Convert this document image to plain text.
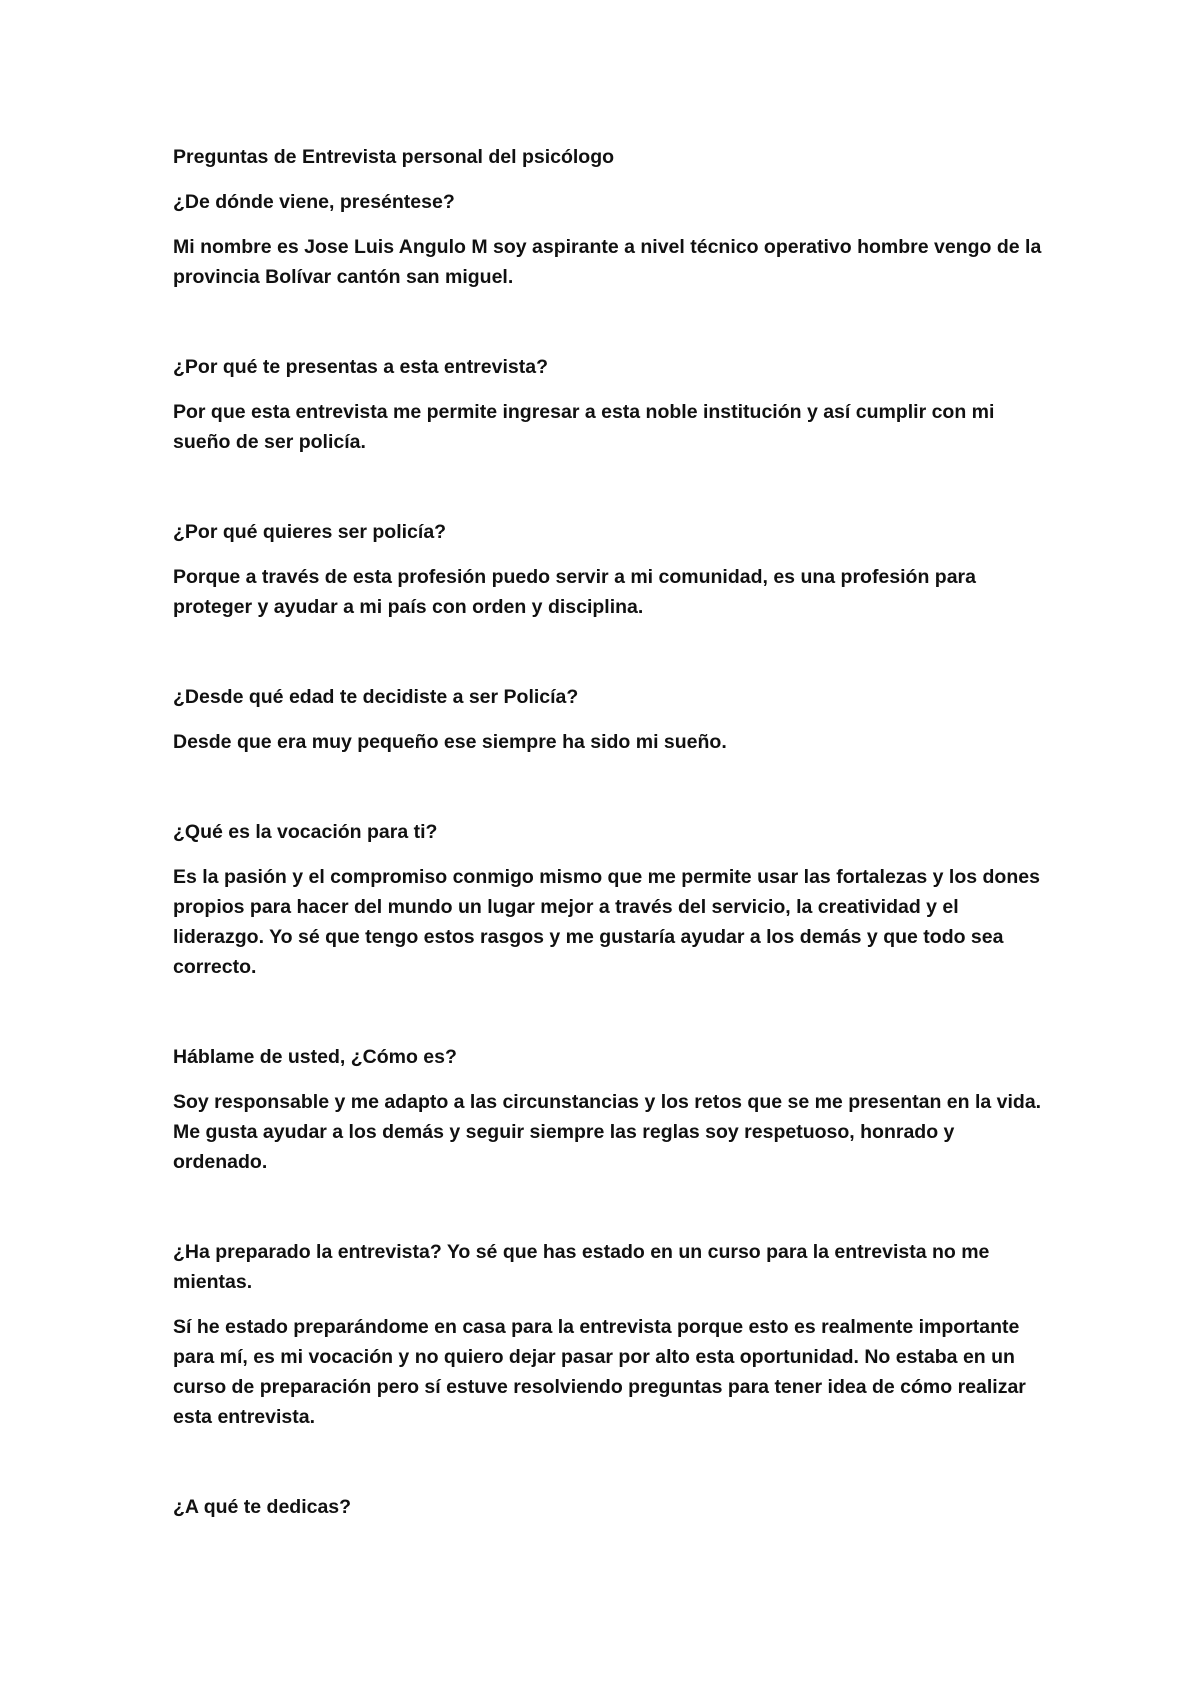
Preguntas de Entrevista personal del psicólogo

¿De dónde viene, preséntese?

Mi nombre es Jose Luis Angulo M soy aspirante a nivel técnico operativo hombre vengo de la provincia Bolívar cantón san miguel.

¿Por qué te presentas a esta entrevista?

Por que esta entrevista me permite ingresar a esta noble institución y así cumplir con mi sueño de ser policía.

¿Por qué quieres ser policía?

Porque a través de esta profesión puedo servir a mi comunidad, es una profesión para proteger y ayudar a mi país con orden y disciplina.

¿Desde qué edad te decidiste a ser Policía?

Desde que era muy pequeño ese siempre ha sido mi sueño.

¿Qué es la vocación para ti?

Es la pasión y el compromiso conmigo mismo que me permite usar las fortalezas y los dones propios para hacer del mundo un lugar mejor a través del servicio, la creatividad y el liderazgo. Yo sé que tengo estos rasgos y me gustaría ayudar a los demás y que todo sea correcto.

Háblame de usted, ¿Cómo es?

Soy responsable y me adapto a las circunstancias y los retos que se me presentan en la vida. Me gusta ayudar a los demás y seguir siempre las reglas soy respetuoso, honrado y ordenado.

¿Ha preparado la entrevista? Yo sé que has estado en un curso para la entrevista no me mientas.

Sí he estado preparándome en casa para la entrevista porque esto es realmente importante para mí, es mi vocación y no quiero dejar pasar por alto esta oportunidad. No estaba en un curso de preparación pero sí estuve resolviendo preguntas para tener idea de cómo realizar esta entrevista.

¿A qué te dedicas?
